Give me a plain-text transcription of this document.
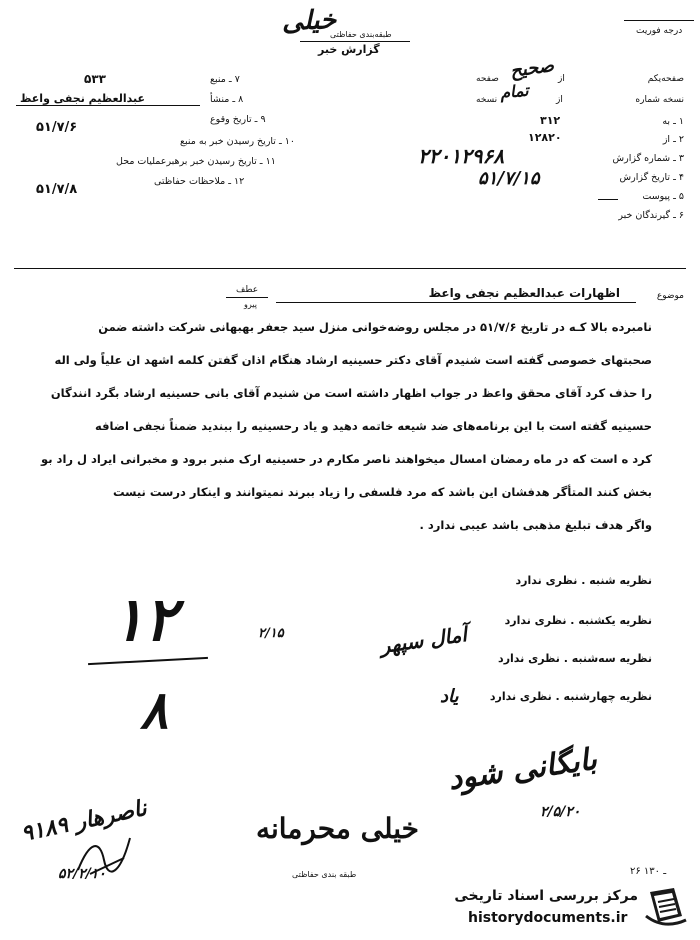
خیلی
طبقه‌بندی حفاظتی
گزارش خبر
درجه فوریت
صفحه‌یکم
نسخه شماره
صفحه
نسخه
از
از
صحیح
تمام
۱ ـ به
۳۱۲
۲ ـ از
۱۲۸۲۰
۳ ـ شماره گزارش
۲۲۰۱۲۹۶۸
۴ ـ تاریخ گزارش
۵۱/۷/۱۵
۵ ـ پیوست
۶ ـ گیرندگان خبر
۷ ـ منبع
۵۳۳
۸ ـ منشأ
عبدالعظیم نجفی واعظ
۹ ـ تاریخ وقوع
۵۱/۷/۶
۱۰ ـ تاریخ رسیدن خبر به منبع
۱۱ ـ تاریخ رسیدن خبر برهبرعملیات محل
۱۲ ـ ملاحظات حفاظتی
۵۱/۷/۸
موضوع
اظهارات عبدالعظیم نجفی واعظ
عطف
پیرو
نامبرده بالا کـه در تاریخ ۵۱/۷/۶ در مجلس روضه‌خوانی منزل سید جعفر بهبهانی شرکت داشته ضمن
صحبتهای خصوصی گفته است شنیدم آقای دکتر حسینیه ارشاد هنگام اذان گفتن کلمه اشهد ان علیاً ولی اله
را حذف کرد آقای محقق واعظ در جواب اظهار داشته است من شنیدم آقای بانی حسینیه ارشاد بگرد انندگان
حسینیه گفته است با این برنامه‌های ضد شیعه خاتمه دهید و یاد رحسینیه را ببندید ضمناً نجفی اضافه
کرد ه است که در ماه رمضان امسال میخواهند ناصر مکارم در حسینیه ارک منبر برود و مخبرانی ایراد ل راد بو
بخش کنند المتأگر هدفشان این باشد که مرد فلسفی را زیاد ببرند نمیتوانند و اینکار درست نیست
واگر هدف تبلیغ مذهبی باشد عیبی ندارد .
نظریه شنبه . نظری ندارد
نظریه یکشنبه . نظری ندارد
نظریه سه‌شنبه . نظری ندارد
نظریه چهارشنبه . نظری ندارد
۱۲
۸
۲/۱۵	آمال سپهر
یاد
بایگانی شود
۲/۵/۲۰
۹۱۸۹ ناصرهار
۵۲/۲/۱۰
خیلی محرمانه
طبقه بندی حفاظتی	۲۶ ـ ۱۳۰
مرکز بررسی اسناد تاریخی
historydocuments.ir
